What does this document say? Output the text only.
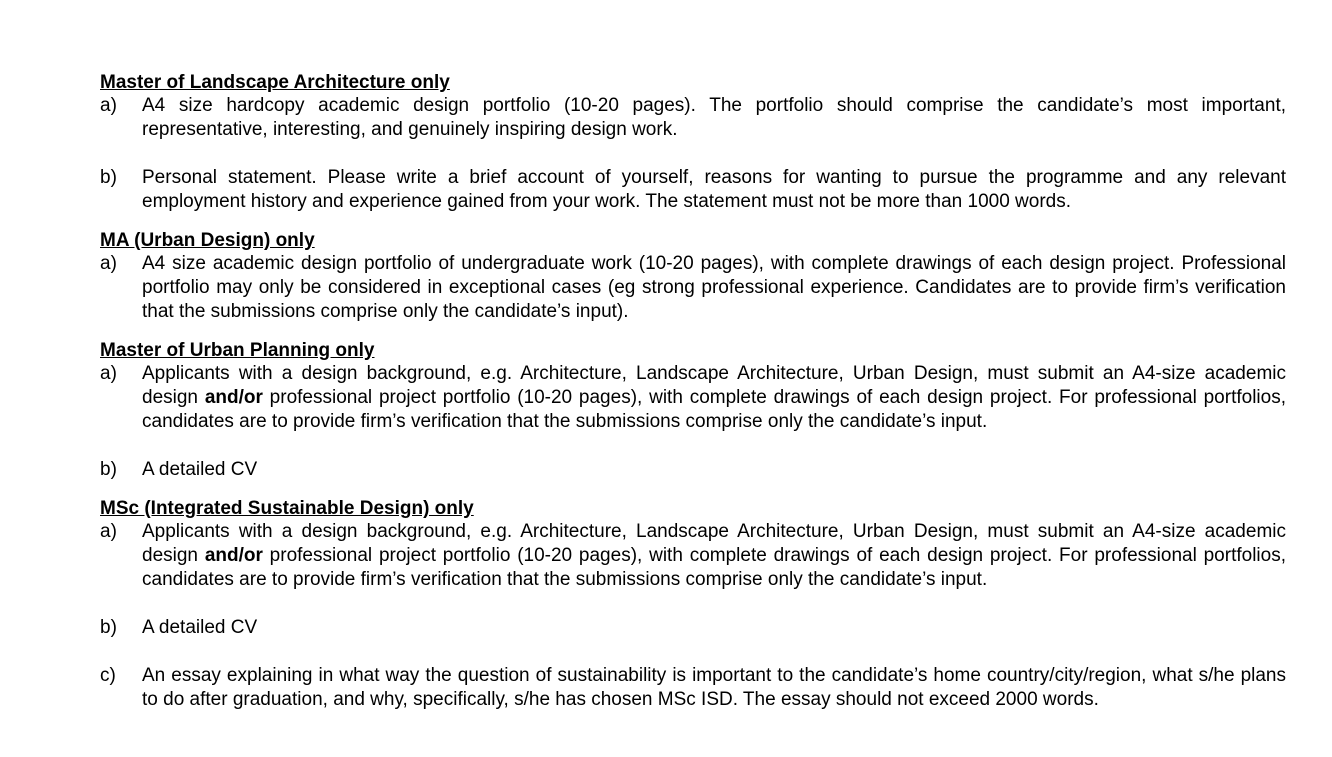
Master of Landscape Architecture only
a)	A4 size hardcopy academic design portfolio (10-20 pages). The portfolio should comprise the candidate’s most important, representative, interesting, and genuinely inspiring design work.
b)	Personal statement. Please write a brief account of yourself, reasons for wanting to pursue the programme and any relevant employment history and experience gained from your work. The statement must not be more than 1000 words.
MA (Urban Design) only
a)	A4 size academic design portfolio of undergraduate work (10-20 pages), with complete drawings of each design project. Professional portfolio may only be considered in exceptional cases (eg strong professional experience. Candidates are to provide firm’s verification that the submissions comprise only the candidate’s input).
Master of Urban Planning only
a)	Applicants with a design background, e.g. Architecture, Landscape Architecture, Urban Design, must submit an A4-size academic design and/or professional project portfolio (10-20 pages), with complete drawings of each design project. For professional portfolios, candidates are to provide firm’s verification that the submissions comprise only the candidate’s input.
b)	A detailed CV
MSc (Integrated Sustainable Design) only
a)	Applicants with a design background, e.g. Architecture, Landscape Architecture, Urban Design, must submit an A4-size academic design and/or professional project portfolio (10-20 pages), with complete drawings of each design project. For professional portfolios, candidates are to provide firm’s verification that the submissions comprise only the candidate’s input.
b)	A detailed CV
c)	An essay explaining in what way the question of sustainability is important to the candidate’s home country/city/region, what s/he plans to do after graduation, and why, specifically, s/he has chosen MSc ISD. The essay should not exceed 2000 words.
